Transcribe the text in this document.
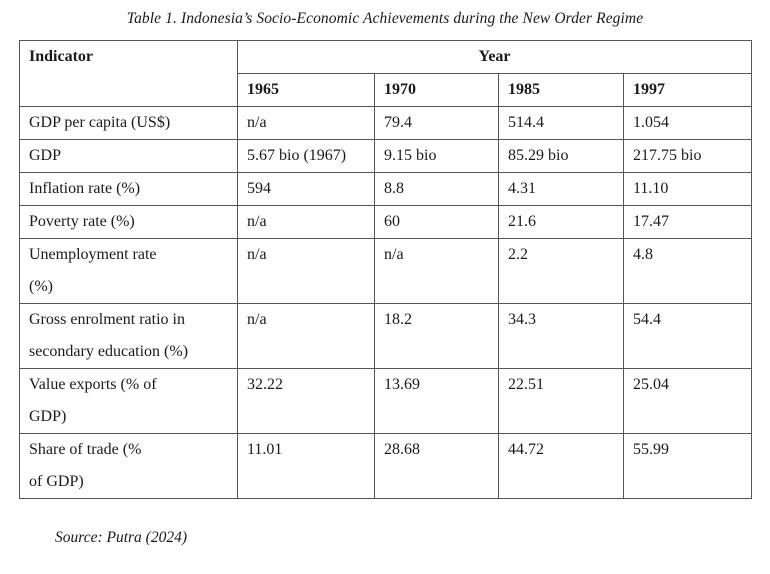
Table 1. Indonesia’s Socio-Economic Achievements during the New Order Regime
Indicator	Year			
	1965	1970	1985	1997
GDP per capita (US$)	n/a	79.4	514.4	1.054
GDP	5.67 bio (1967)	9.15 bio	85.29 bio	217.75 bio
Inflation rate (%)	594	8.8	4.31	11.10
Poverty rate (%)	n/a	60	21.6	17.47
Unemployment rate (%)	n/a	n/a	2.2	4.8
Gross enrolment ratio in secondary education (%)	n/a	18.2	34.3	54.4
Value exports (% of GDP)	32.22	13.69	22.51	25.04
Share of trade (% of GDP)	11.01	28.68	44.72	55.99
Source: Putra (2024)
